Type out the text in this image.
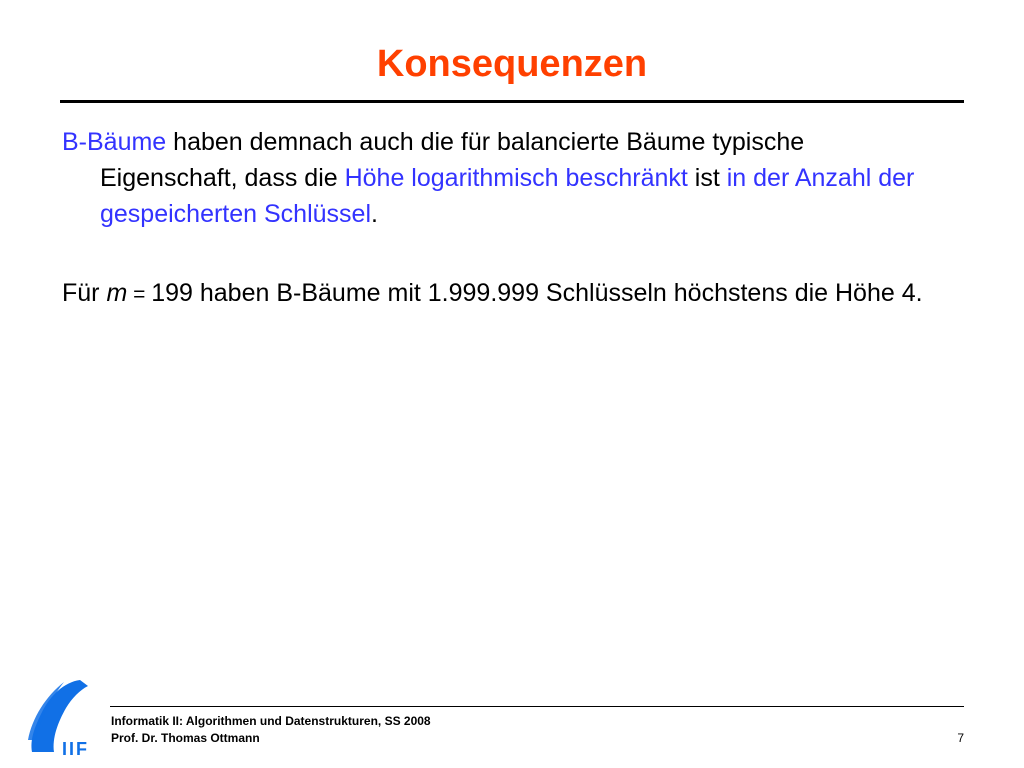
Konsequenzen
B-Bäume haben demnach auch die für balancierte Bäume typische Eigenschaft, dass die Höhe logarithmisch beschränkt ist in der Anzahl der gespeicherten Schlüssel.
Für m = 199 haben B-Bäume mit 1.999.999 Schlüsseln höchstens die Höhe 4.
IIF
Informatik II: Algorithmen und Datenstrukturen, SS 2008
Prof. Dr. Thomas Ottmann	7
